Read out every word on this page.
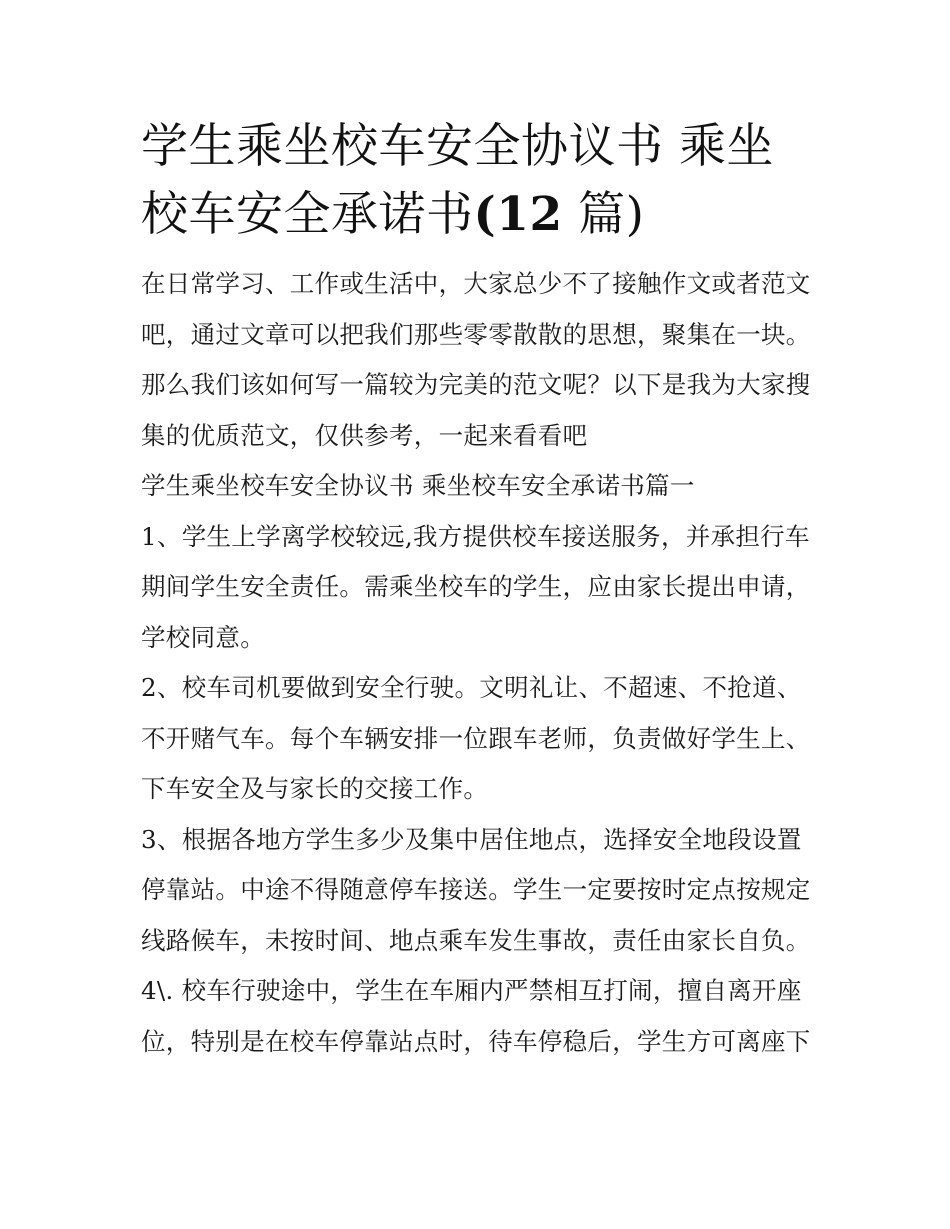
学生乘坐校车安全协议书 乘坐
校车安全承诺书(12 篇)

在日常学习、工作或生活中，大家总少不了接触作文或者范文吧，通过文章可以把我们那些零零散散的思想，聚集在一块。那么我们该如何写一篇较为完美的范文呢？以下是我为大家搜集的优质范文，仅供参考，一起来看看吧

学生乘坐校车安全协议书 乘坐校车安全承诺书篇一

1、学生上学离学校较远,我方提供校车接送服务，并承担行车期间学生安全责任。需乘坐校车的学生，应由家长提出申请，学校同意。

2、校车司机要做到安全行驶。文明礼让、不超速、不抢道、不开赌气车。每个车辆安排一位跟车老师，负责做好学生上、下车安全及与家长的交接工作。

3、根据各地方学生多少及集中居住地点，选择安全地段设置停靠站。中途不得随意停车接送。学生一定要按时定点按规定线路候车，未按时间、地点乘车发生事故，责任由家长自负。

4\. 校车行驶途中，学生在车厢内严禁相互打闹，擅自离开座位，特别是在校车停靠站点时，待车停稳后，学生方可离座下
